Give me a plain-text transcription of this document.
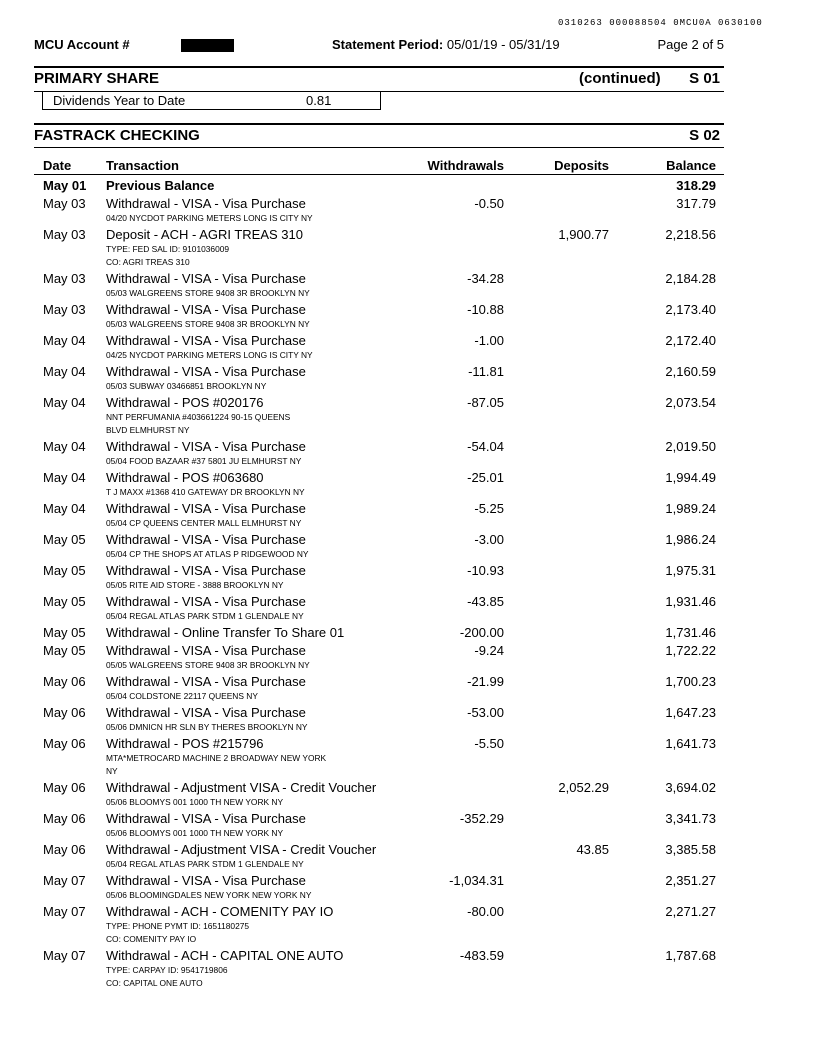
0310263 000088504 0MCU0A 0630100
MCU Account #	Statement Period: 05/01/19 - 05/31/19	Page 2 of 5
PRIMARY SHARE	(continued) S 01
Dividends Year to Date	0.81
FASTRACK CHECKING	S 02
Date	Transaction	Withdrawals	Deposits	Balance
May 01 Previous Balance	318.29
May 03 Withdrawal - VISA - Visa Purchase	-0.50	317.79
04/20 NYCDOT PARKING METERS LONG IS CITY NY
May 03 Deposit - ACH - AGRI TREAS 310	1,900.77	2,218.56
TYPE: FED SAL ID: 9101036009
CO: AGRI TREAS 310
May 03 Withdrawal - VISA - Visa Purchase	-34.28	2,184.28
05/03 WALGREENS STORE 9408 3R BROOKLYN NY
May 03 Withdrawal - VISA - Visa Purchase	-10.88	2,173.40
05/03 WALGREENS STORE 9408 3R BROOKLYN NY
May 04 Withdrawal - VISA - Visa Purchase	-1.00	2,172.40
04/25 NYCDOT PARKING METERS LONG IS CITY NY
May 04 Withdrawal - VISA - Visa Purchase	-11.81	2,160.59
05/03 SUBWAY 03466851 BROOKLYN NY
May 04 Withdrawal - POS #020176	-87.05	2,073.54
NNT PERFUMANIA #403661224 90-15 QUEENS
BLVD ELMHURST NY
May 04 Withdrawal - VISA - Visa Purchase	-54.04	2,019.50
05/04 FOOD BAZAAR #37 5801 JU ELMHURST NY
May 04 Withdrawal - POS #063680	-25.01	1,994.49
T J MAXX #1368 410 GATEWAY DR BROOKLYN NY
May 04 Withdrawal - VISA - Visa Purchase	-5.25	1,989.24
05/04 CP QUEENS CENTER MALL ELMHURST NY
May 05 Withdrawal - VISA - Visa Purchase	-3.00	1,986.24
05/04 CP THE SHOPS AT ATLAS P RIDGEWOOD NY
May 05 Withdrawal - VISA - Visa Purchase	-10.93	1,975.31
05/05 RITE AID STORE - 3888 BROOKLYN NY
May 05 Withdrawal - VISA - Visa Purchase	-43.85	1,931.46
05/04 REGAL ATLAS PARK STDM 1 GLENDALE NY
May 05 Withdrawal - Online Transfer To Share 01	-200.00	1,731.46
May 05 Withdrawal - VISA - Visa Purchase	-9.24	1,722.22
05/05 WALGREENS STORE 9408 3R BROOKLYN NY
May 06 Withdrawal - VISA - Visa Purchase	-21.99	1,700.23
05/04 COLDSTONE 22117 QUEENS NY
May 06 Withdrawal - VISA - Visa Purchase	-53.00	1,647.23
05/06 DMNICN HR SLN BY THERES BROOKLYN NY
May 06 Withdrawal - POS #215796	-5.50	1,641.73
MTA*METROCARD MACHINE 2 BROADWAY NEW YORK
NY
May 06 Withdrawal - Adjustment VISA - Credit Voucher	2,052.29	3,694.02
05/06 BLOOMYS 001 1000 TH NEW YORK NY
May 06 Withdrawal - VISA - Visa Purchase	-352.29	3,341.73
05/06 BLOOMYS 001 1000 TH NEW YORK NY
May 06 Withdrawal - Adjustment VISA - Credit Voucher	43.85	3,385.58
05/04 REGAL ATLAS PARK STDM 1 GLENDALE NY
May 07 Withdrawal - VISA - Visa Purchase	-1,034.31	2,351.27
05/06 BLOOMINGDALES NEW YORK NEW YORK NY
May 07 Withdrawal - ACH - COMENITY PAY IO	-80.00	2,271.27
TYPE: PHONE PYMT ID: 1651180275
CO: COMENITY PAY IO
May 07 Withdrawal - ACH - CAPITAL ONE AUTO	-483.59	1,787.68
TYPE: CARPAY ID: 9541719806
CO: CAPITAL ONE AUTO
